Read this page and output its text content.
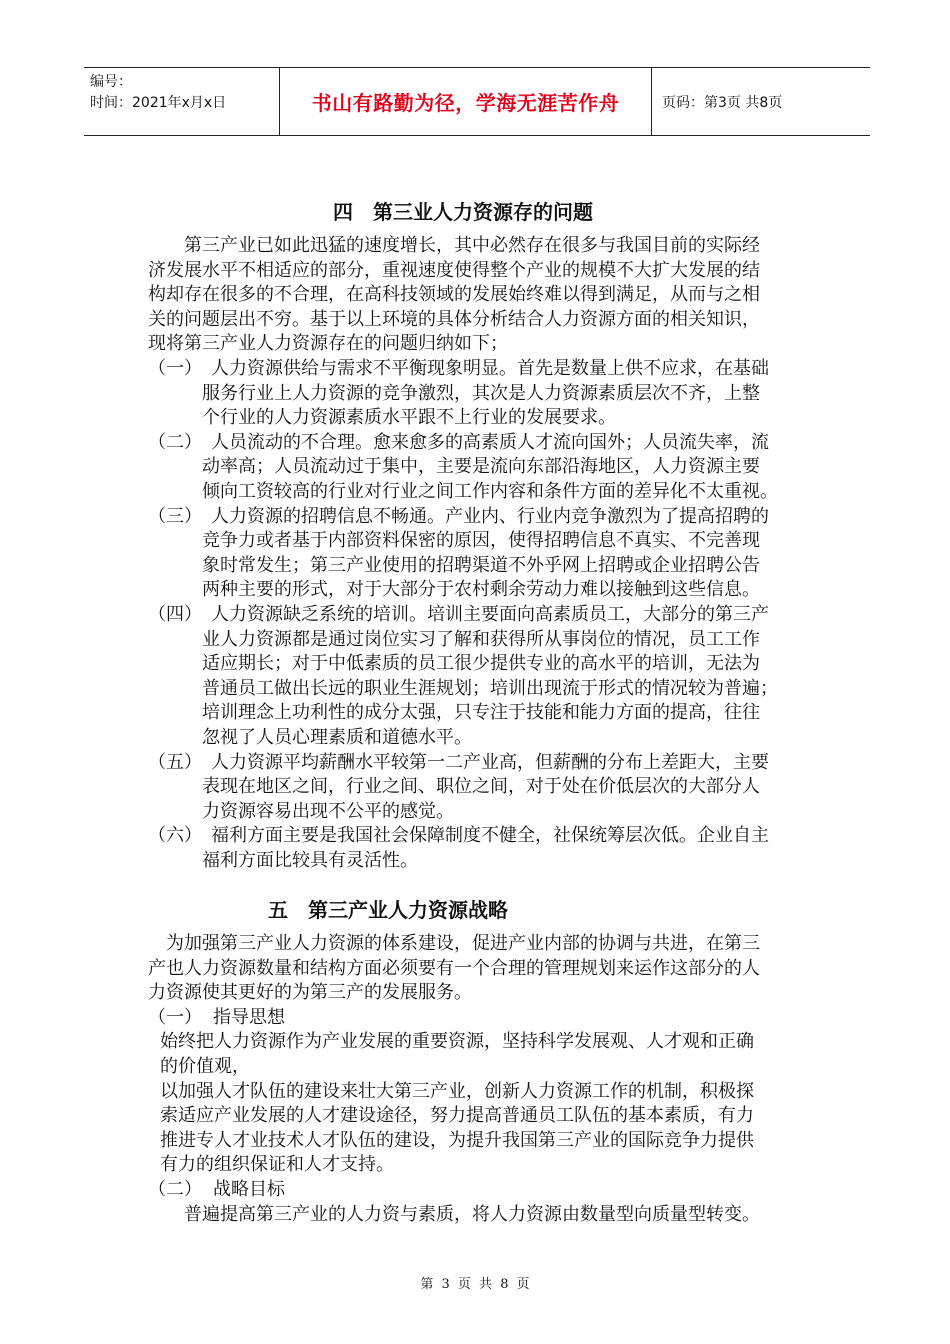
编号：
时间：2021年x月x日	书山有路勤为径，学海无涯苦作舟	页码：第3页 共8页
四　第三业人力资源存的问题
第三产业已如此迅猛的速度增长，其中必然存在很多与我国目前的实际经
济发展水平不相适应的部分，重视速度使得整个产业的规模不大扩大发展的结
构却存在很多的不合理，在高科技领域的发展始终难以得到满足，从而与之相
关的问题层出不穷。基于以上环境的具体分析结合人力资源方面的相关知识，
现将第三产业人力资源存在的问题归纳如下；
（一） 人力资源供给与需求不平衡现象明显。首先是数量上供不应求，在基础
服务行业上人力资源的竞争激烈，其次是人力资源素质层次不齐，上整
个行业的人力资源素质水平跟不上行业的发展要求。
（二） 人员流动的不合理。愈来愈多的高素质人才流向国外；人员流失率，流
动率高；人员流动过于集中，主要是流向东部沿海地区，人力资源主要
倾向工资较高的行业对行业之间工作内容和条件方面的差异化不太重视。
（三） 人力资源的招聘信息不畅通。产业内、行业内竞争激烈为了提高招聘的
竞争力或者基于内部资料保密的原因，使得招聘信息不真实、不完善现
象时常发生；第三产业使用的招聘渠道不外乎网上招聘或企业招聘公告
两种主要的形式，对于大部分于农村剩余劳动力难以接触到这些信息。
（四） 人力资源缺乏系统的培训。培训主要面向高素质员工，大部分的第三产
业人力资源都是通过岗位实习了解和获得所从事岗位的情况，员工工作
适应期长；对于中低素质的员工很少提供专业的高水平的培训，无法为
普通员工做出长远的职业生涯规划；培训出现流于形式的情况较为普遍；
培训理念上功利性的成分太强，只专注于技能和能力方面的提高，往往
忽视了人员心理素质和道德水平。
（五） 人力资源平均薪酬水平较第一二产业高，但薪酬的分布上差距大，主要
表现在地区之间，行业之间、职位之间，对于处在价低层次的大部分人
力资源容易出现不公平的感觉。
（六） 福利方面主要是我国社会保障制度不健全，社保统筹层次低。企业自主
福利方面比较具有灵活性。
五　第三产业人力资源战略
为加强第三产业人力资源的体系建设，促进产业内部的协调与共进，在第三
产也人力资源数量和结构方面必须要有一个合理的管理规划来运作这部分的人
力资源使其更好的为第三产的发展服务。
（一） 指导思想
始终把人力资源作为产业发展的重要资源，坚持科学发展观、人才观和正确
的价值观，
以加强人才队伍的建设来壮大第三产业，创新人力资源工作的机制，积极探
索适应产业发展的人才建设途径，努力提高普通员工队伍的基本素质，有力
推进专人才业技术人才队伍的建设，为提升我国第三产业的国际竞争力提供
有力的组织保证和人才支持。
（二） 战略目标
普遍提高第三产业的人力资与素质，将人力资源由数量型向质量型转变。
第 3 页 共 8 页
